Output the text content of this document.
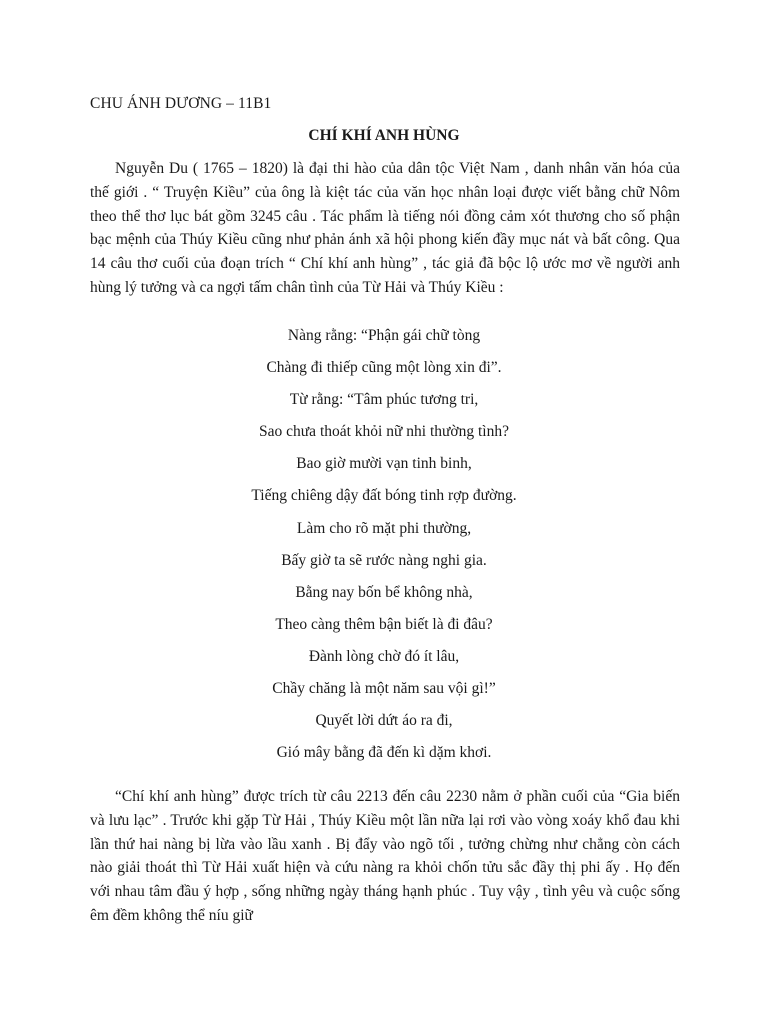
CHU ÁNH DƯƠNG – 11B1
CHÍ KHÍ ANH HÙNG

Nguyễn Du ( 1765 – 1820) là đại thi hào của dân tộc Việt Nam , danh nhân văn hóa của thế giới . “ Truyện Kiều” của ông là kiệt tác của văn học nhân loại được viết bằng chữ Nôm theo thể thơ lục bát gồm 3245 câu . Tác phẩm là tiếng nói đồng cảm xót thương cho số phận bạc mệnh của Thúy Kiều cũng như phản ánh xã hội phong kiến đầy mục nát và bất công. Qua 14 câu thơ cuối của đoạn trích “ Chí khí anh hùng” , tác giả đã bộc lộ ước mơ về người anh hùng lý tưởng và ca ngợi tấm chân tình của Từ Hải và Thúy Kiều :

Nàng rằng: “Phận gái chữ tòng
Chàng đi thiếp cũng một lòng xin đi”.
Từ rằng: “Tâm phúc tương tri,
Sao chưa thoát khỏi nữ nhi thường tình?
Bao giờ mười vạn tinh binh,
Tiếng chiêng dậy đất bóng tinh rợp đường.
Làm cho rõ mặt phi thường,
Bấy giờ ta sẽ rước nàng nghi gia.
Bằng nay bốn bể không nhà,
Theo càng thêm bận biết là đi đâu?
Đành lòng chờ đó ít lâu,
Chầy chăng là một năm sau vội gì!”
Quyết lời dứt áo ra đi,
Gió mây bằng đã đến kì dặm khơi.

“Chí khí anh hùng” được trích từ câu 2213 đến câu 2230 nằm ở phần cuối của “Gia biến và lưu lạc” . Trước khi gặp Từ Hải , Thúy Kiều một lần nữa lại rơi vào vòng xoáy khổ đau khi lần thứ hai nàng bị lừa vào lầu xanh . Bị đẩy vào ngõ tối , tưởng chừng như chẳng còn cách nào giải thoát thì Từ Hải xuất hiện và cứu nàng ra khỏi chốn tửu sắc đầy thị phi ấy . Họ đến với nhau tâm đầu ý hợp , sống những ngày tháng hạnh phúc . Tuy vậy , tình yêu và cuộc sống êm đềm không thể níu giữ
